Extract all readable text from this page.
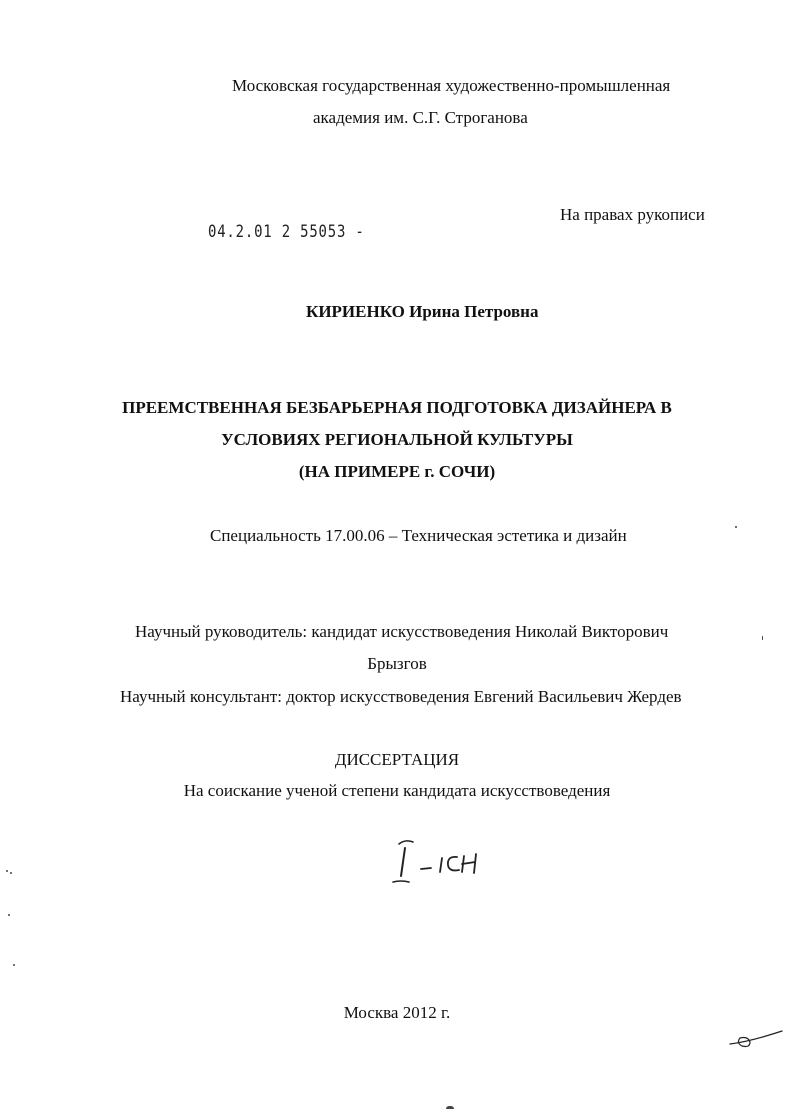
Московская государственная художественно-промышленная
академия им. С.Г. Строганова
На правах рукописи
04.2.01 2 55053 -
КИРИЕНКО Ирина Петровна
ПРЕЕМСТВЕННАЯ БЕЗБАРЬЕРНАЯ ПОДГОТОВКА ДИЗАЙНЕРА В
УСЛОВИЯХ РЕГИОНАЛЬНОЙ КУЛЬТУРЫ
(НА ПРИМЕРЕ г. СОЧИ)
Специальность 17.00.06 – Техническая эстетика и дизайн
Научный руководитель: кандидат искусствоведения Николай Викторович
Брызгов
Научный консультант: доктор искусствоведения Евгений Васильевич Жердев
ДИССЕРТАЦИЯ
На соискание ученой степени кандидата искусствоведения
Москва 2012 г.
